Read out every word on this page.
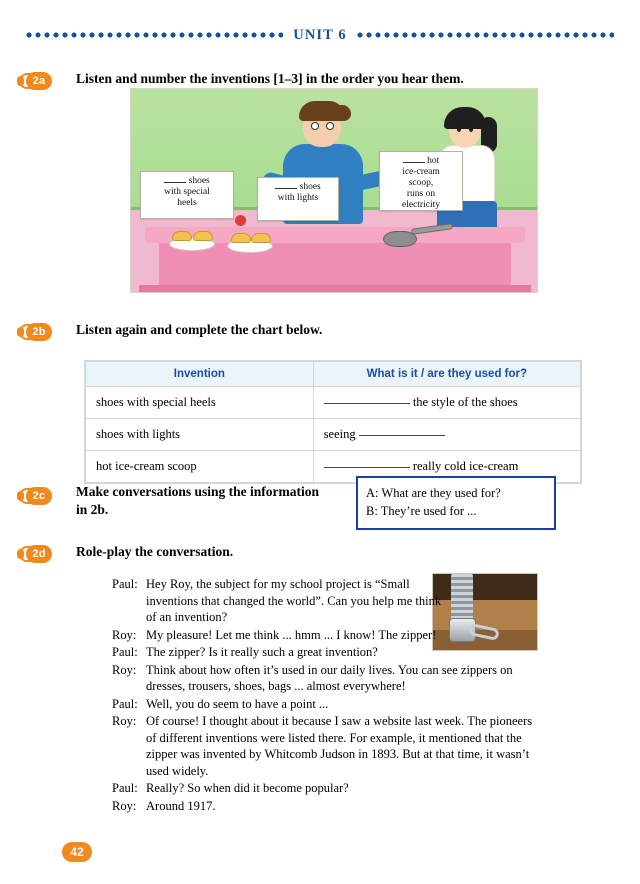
UNIT 6
2a	Listen and number the inventions [1–3] in the order you hear them.
shoes
with special
heels
shoes
with lights
hot
ice-cream
scoop,
runs on
electricity
2b	Listen again and complete the chart below.
Invention	What is it / are they used for?
shoes with special heels	the style of the shoes
shoes with lights	seeing
hot ice-cream scoop	really cold ice-cream
2c	Make conversations using the information in 2b.
A: What are they used for?
B: They’re used for ...
2d	Role-play the conversation.
Paul: Hey Roy, the subject for my school project is “Small inventions that changed the world”. Can you help me think of an invention?
Roy: My pleasure! Let me think ... hmm ... I know! The zipper!
Paul: The zipper? Is it really such a great invention?
Roy: Think about how often it’s used in our daily lives. You can see zippers on dresses, trousers, shoes, bags ... almost everywhere!
Paul: Well, you do seem to have a point ...
Roy: Of course! I thought about it because I saw a website last week. The pioneers of different inventions were listed there. For example, it mentioned that the zipper was invented by Whitcomb Judson in 1893. But at that time, it wasn’t used widely.
Paul: Really? So when did it become popular?
Roy: Around 1917.
42
